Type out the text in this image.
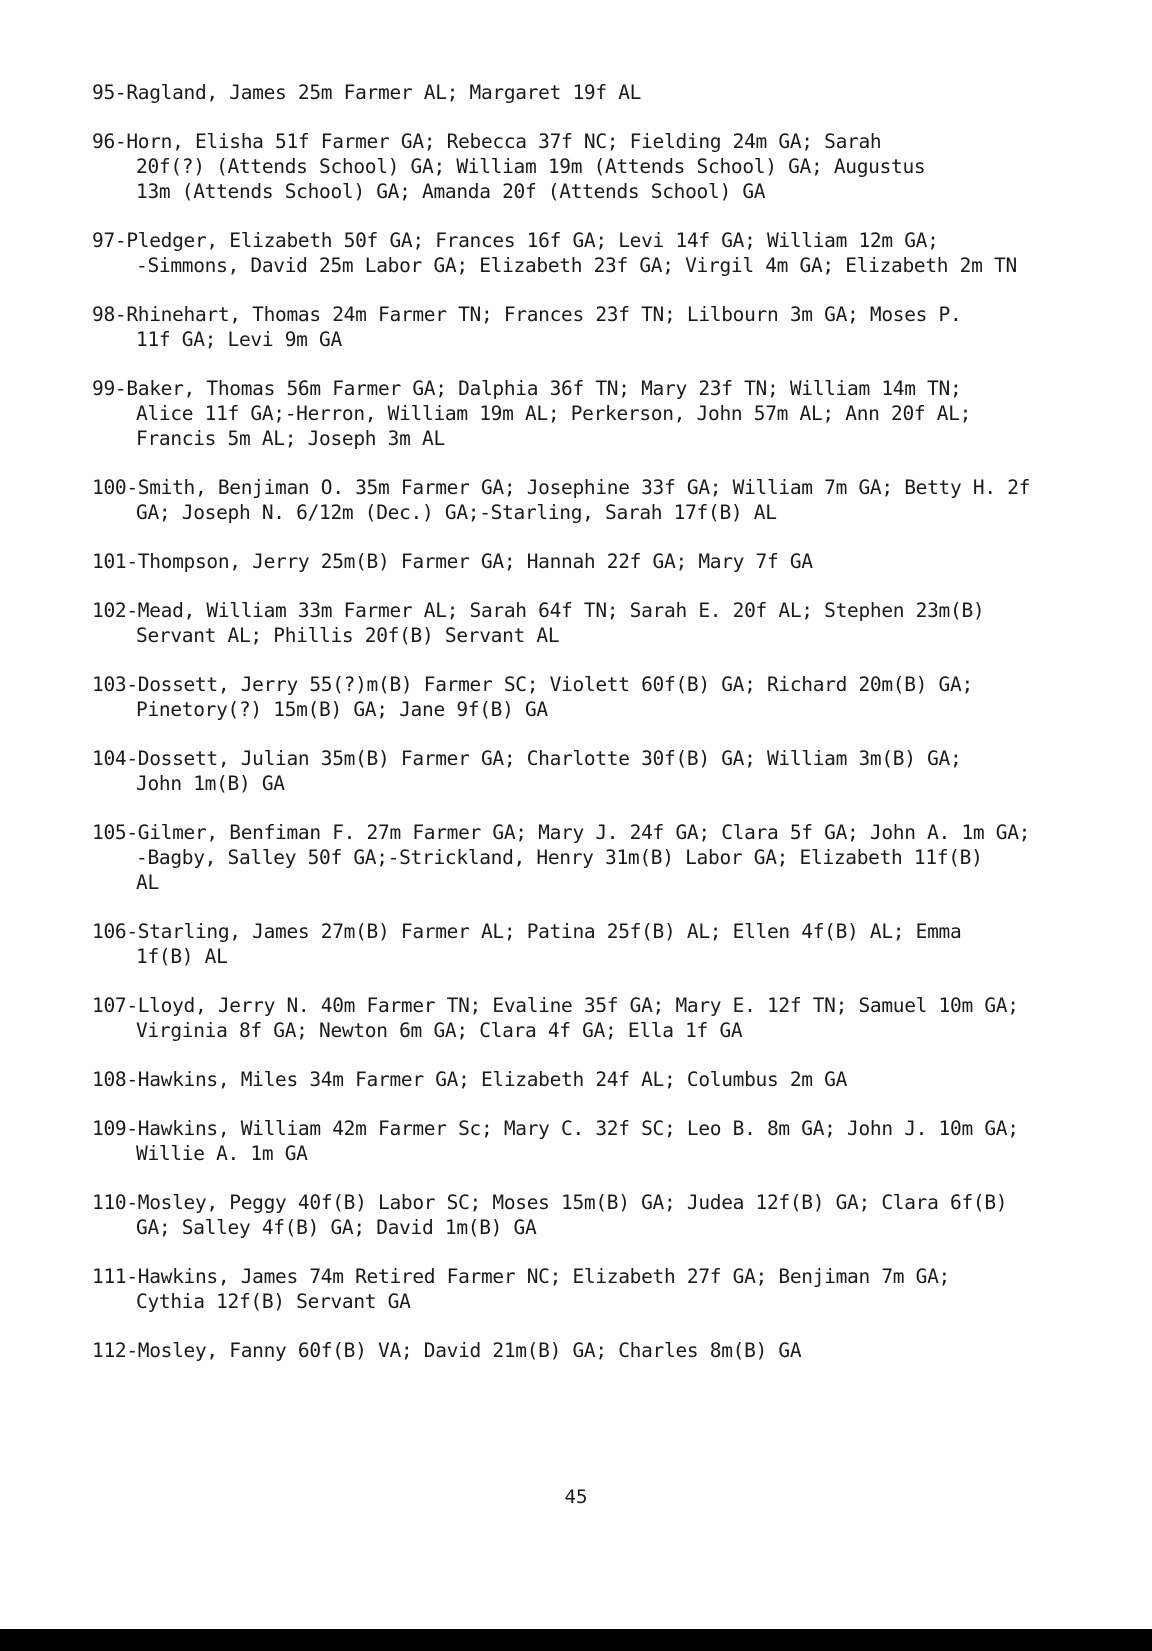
95-Ragland, James 25m Farmer AL; Margaret 19f AL
96-Horn, Elisha 51f Farmer GA; Rebecca 37f NC; Fielding 24m GA; Sarah
20f(?) (Attends School) GA; William 19m (Attends School) GA; Augustus
13m (Attends School) GA; Amanda 20f (Attends School) GA
97-Pledger, Elizabeth 50f GA; Frances 16f GA; Levi 14f GA; William 12m GA;
-Simmons, David 25m Labor GA; Elizabeth 23f GA; Virgil 4m GA; Elizabeth 2m TN
98-Rhinehart, Thomas 24m Farmer TN; Frances 23f TN; Lilbourn 3m GA; Moses P.
11f GA; Levi 9m GA
99-Baker, Thomas 56m Farmer GA; Dalphia 36f TN; Mary 23f TN; William 14m TN;
Alice 11f GA;-Herron, William 19m AL; Perkerson, John 57m AL; Ann 20f AL;
Francis 5m AL; Joseph 3m AL
100-Smith, Benjiman O. 35m Farmer GA; Josephine 33f GA; William 7m GA; Betty H. 2f
GA; Joseph N. 6/12m (Dec.) GA;-Starling, Sarah 17f(B) AL
101-Thompson, Jerry 25m(B) Farmer GA; Hannah 22f GA; Mary 7f GA
102-Mead, William 33m Farmer AL; Sarah 64f TN; Sarah E. 20f AL; Stephen 23m(B)
Servant AL; Phillis 20f(B) Servant AL
103-Dossett, Jerry 55(?)m(B) Farmer SC; Violett 60f(B) GA; Richard 20m(B) GA;
Pinetory(?) 15m(B) GA; Jane 9f(B) GA
104-Dossett, Julian 35m(B) Farmer GA; Charlotte 30f(B) GA; William 3m(B) GA;
John 1m(B) GA
105-Gilmer, Benfiman F. 27m Farmer GA; Mary J. 24f GA; Clara 5f GA; John A. 1m GA;
-Bagby, Salley 50f GA;-Strickland, Henry 31m(B) Labor GA; Elizabeth 11f(B)
AL
106-Starling, James 27m(B) Farmer AL; Patina 25f(B) AL; Ellen 4f(B) AL; Emma
1f(B) AL
107-Lloyd, Jerry N. 40m Farmer TN; Evaline 35f GA; Mary E. 12f TN; Samuel 10m GA;
Virginia 8f GA; Newton 6m GA; Clara 4f GA; Ella 1f GA
108-Hawkins, Miles 34m Farmer GA; Elizabeth 24f AL; Columbus 2m GA
109-Hawkins, William 42m Farmer Sc; Mary C. 32f SC; Leo B. 8m GA; John J. 10m GA;
Willie A. 1m GA
110-Mosley, Peggy 40f(B) Labor SC; Moses 15m(B) GA; Judea 12f(B) GA; Clara 6f(B)
GA; Salley 4f(B) GA; David 1m(B) GA
111-Hawkins, James 74m Retired Farmer NC; Elizabeth 27f GA; Benjiman 7m GA;
Cythia 12f(B) Servant GA
112-Mosley, Fanny 60f(B) VA; David 21m(B) GA; Charles 8m(B) GA
45
